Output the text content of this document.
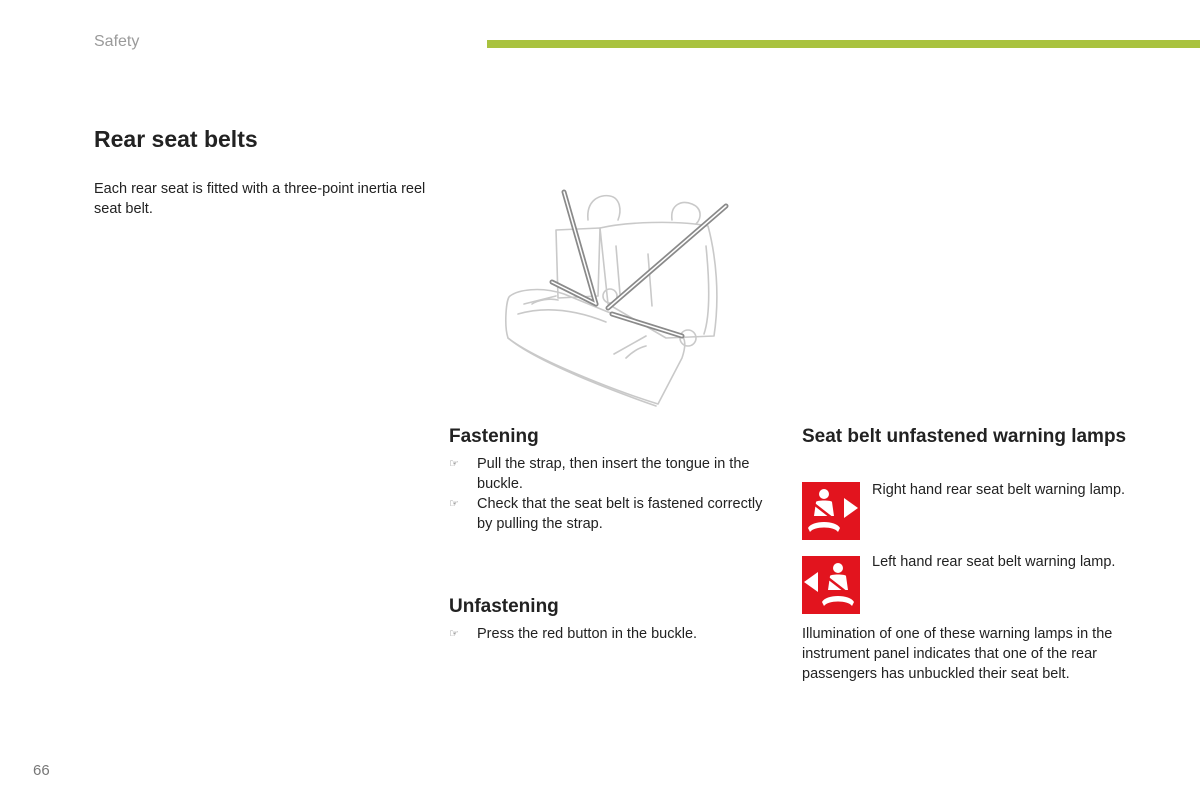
Safety
Rear seat belts
Each rear seat is fitted with a three-point inertia reel seat belt.
Fastening
☞ Pull the strap, then insert the tongue in the buckle.
☞ Check that the seat belt is fastened correctly by pulling the strap.
Unfastening
☞ Press the red button in the buckle.
Seat belt unfastened warning lamps
Right hand rear seat belt warning lamp.
Left hand rear seat belt warning lamp.
Illumination of one of these warning lamps in the instrument panel indicates that one of the rear passengers has unbuckled their seat belt.
66
